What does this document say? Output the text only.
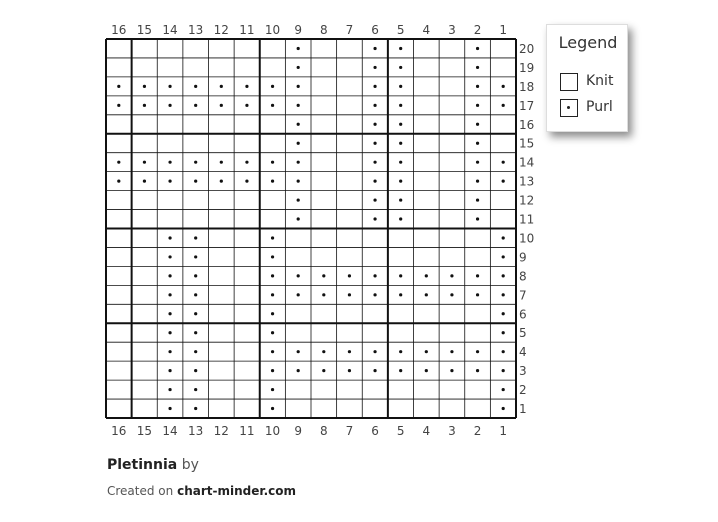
16
16
15
15
14
14
13
13
12
12
11
11
10
10
9
9
8
8
7
7
6
6
5
5
4
4
3
3
2
2
1
1
20
19
18
17
16
15
14
13
12
11
10
9
8
7
6
5
4
3
2
1
Legend
Knit
Purl
Pletinnia by
Created on chart-minder.com
